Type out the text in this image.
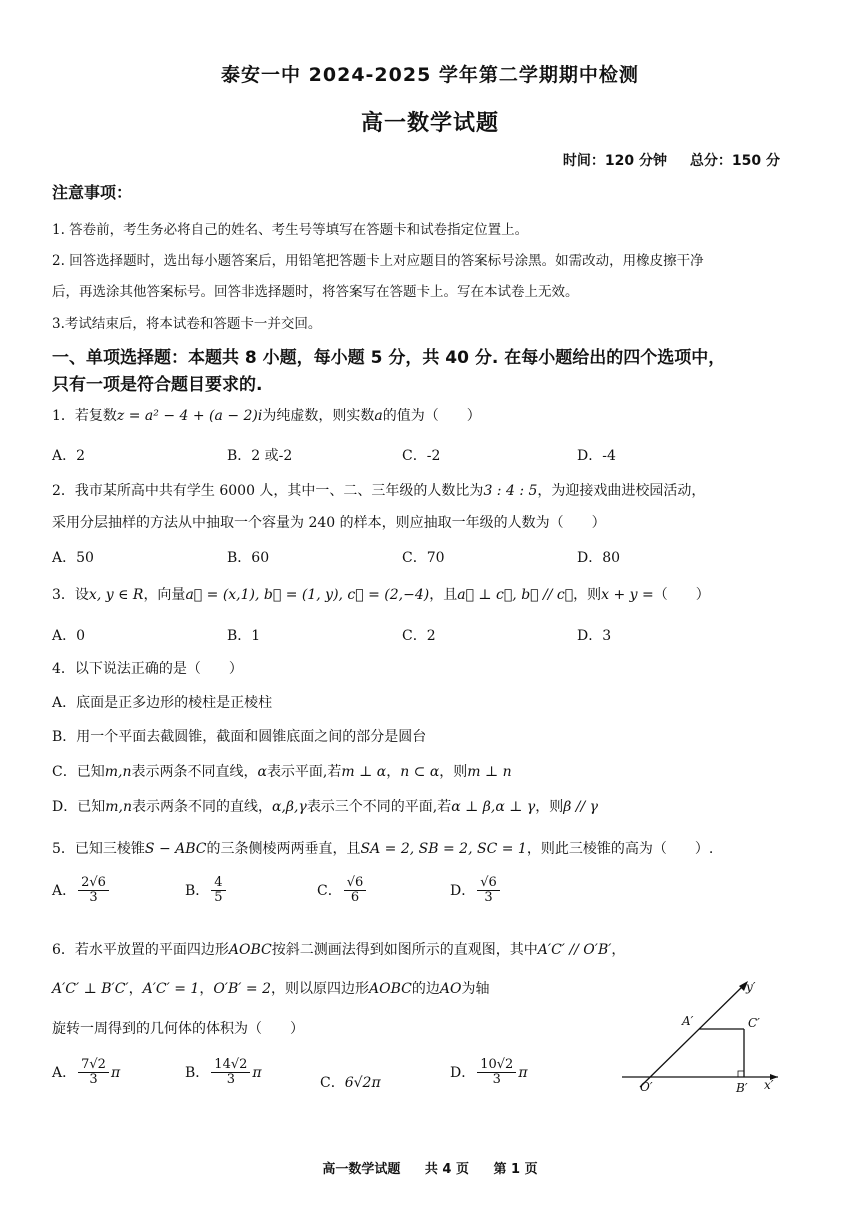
泰安一中 2024-2025 学年第二学期期中检测
高一数学试题
时间：120 分钟 总分：150 分
注意事项：
1. 答卷前，考生务必将自己的姓名、考生号等填写在答题卡和试卷指定位置上。
2. 回答选择题时，选出每小题答案后，用铅笔把答题卡上对应题目的答案标号涂黑。如需改动，用橡皮擦干净
后，再选涂其他答案标号。回答非选择题时，将答案写在答题卡上。写在本试卷上无效。
3.考试结束后，将本试卷和答题卡一并交回。
一、单项选择题：本题共 8 小题，每小题 5 分，共 40 分. 在每小题给出的四个选项中，
只有一项是符合题目要求的.
1．若复数z = a² − 4 + (a − 2)i为纯虚数，则实数a的值为（　　）
A．2	B．2 或-2	C．-2	D．-4
2．我市某所高中共有学生 6000 人，其中一、二、三年级的人数比为3 : 4 : 5，为迎接戏曲进校园活动，
采用分层抽样的方法从中抽取一个容量为 240 的样本，则应抽取一年级的人数为（　　）
A．50	B．60	C．70	D．80
3．设x, y ∈ R，向量a⃗ = (x,1), b⃗ = (1, y), c⃗ = (2,−4)，且a⃗ ⊥ c⃗, b⃗ // c⃗，则x + y =（　　）
A．0	B．1	C．2	D．3
4．以下说法正确的是（　　）
A．底面是正多边形的棱柱是正棱柱
B．用一个平面去截圆锥，截面和圆锥底面之间的部分是圆台
C．已知m,n表示两条不同直线，α表示平面,若m ⊥ α，n ⊂ α，则m ⊥ n
D．已知m,n表示两条不同的直线，α,β,γ表示三个不同的平面,若α ⊥ β,α ⊥ γ，则β // γ
5．已知三棱锥S − ABC的三条侧棱两两垂直，且SA = 2, SB = 2, SC = 1，则此三棱锥的高为（　　）.
A． $\frac{2√6}{3}$	B． $\frac{4}{5}$	C． $\frac{√6}{6}$	D． $\frac{√6}{3}$
6．若水平放置的平面四边形AOBC按斜二测画法得到如图所示的直观图，其中A′C′ // O′B′，
A′C′ ⊥ B′C′，A′C′ = 1，O′B′ = 2，则以原四边形AOBC的边AO为轴
旋转一周得到的几何体的体积为（　　）
A． $\frac{7√2}{3}$ π	B． $\frac{14√2}{3}$ π
C．6√2π
D． $\frac{10√2}{3}$ π
y′
A′	C′
O′	B′ x′
高一数学试题 共 4 页 第 1 页
